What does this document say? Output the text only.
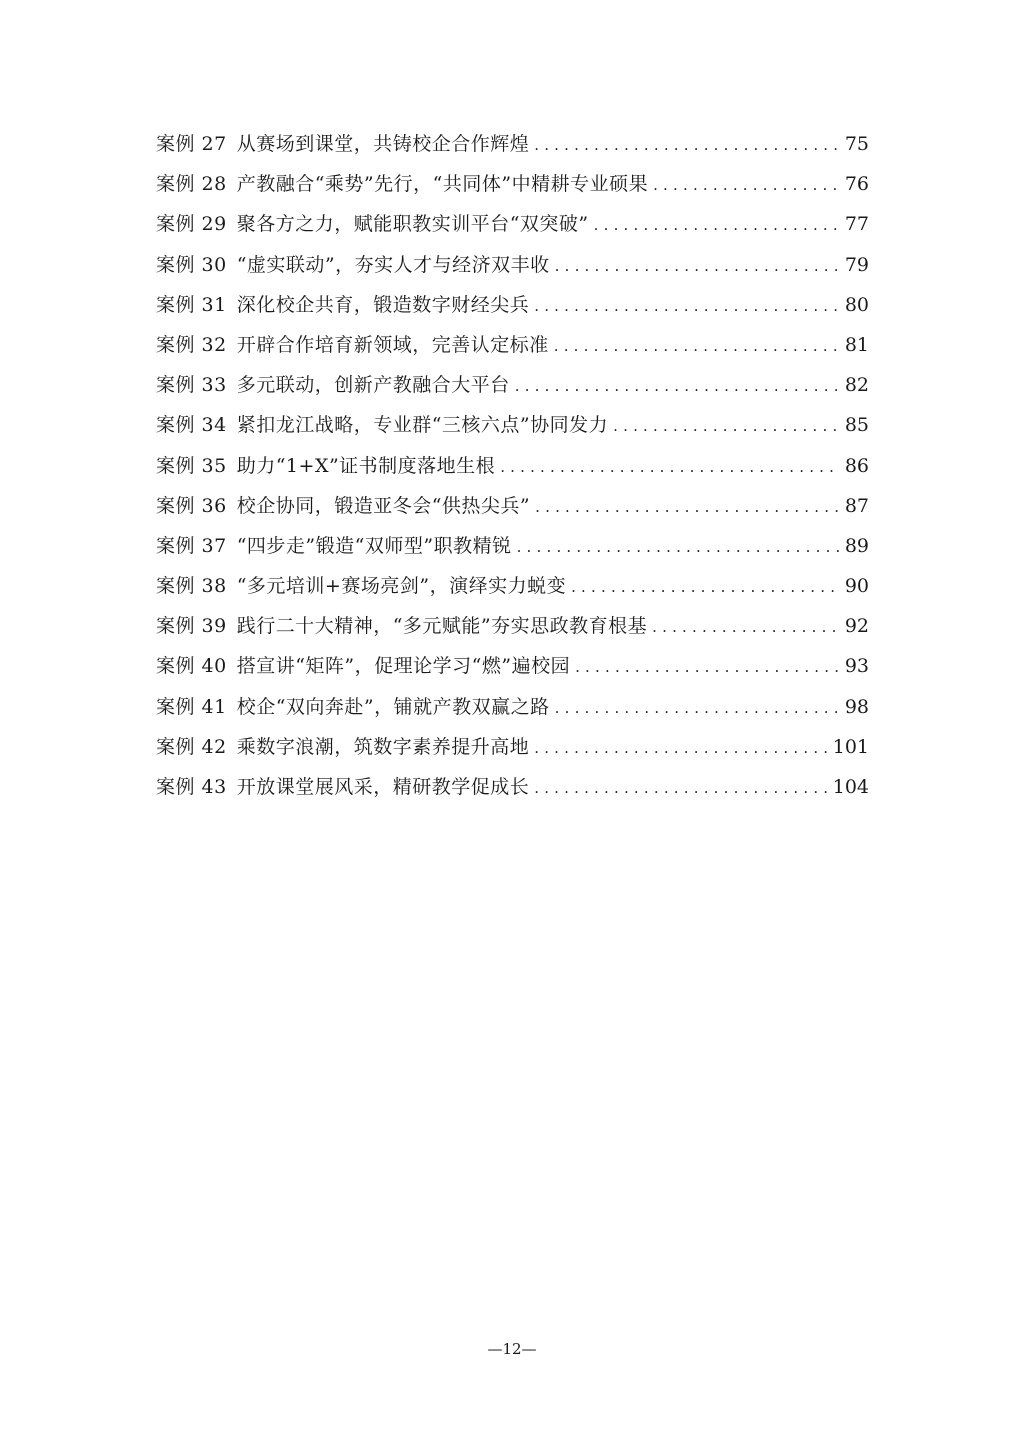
案例 27 从赛场到课堂，共铸校企合作辉煌 .....	75
案例 28 产教融合“乘势”先行，“共同体”中精耕专业硕果 .....	76
案例 29 聚各方之力，赋能职教实训平台“双突破” .....	77
案例 30 “虚实联动”，夯实人才与经济双丰收 .....	79
案例 31 深化校企共育，锻造数字财经尖兵 .....	80
案例 32 开辟合作培育新领域，完善认定标准 .....	81
案例 33 多元联动，创新产教融合大平台 .....	82
案例 34 紧扣龙江战略，专业群“三核六点”协同发力 .....	85
案例 35 助力“1+X”证书制度落地生根 .....	86
案例 36 校企协同，锻造亚冬会“供热尖兵” .....	87
案例 37 “四步走”锻造“双师型”职教精锐 .....	89
案例 38 “多元培训+赛场亮剑”，演绎实力蜕变 .....	90
案例 39 践行二十大精神，“多元赋能”夯实思政教育根基 .....	92
案例 40 搭宣讲“矩阵”，促理论学习“燃”遍校园 .....	93
案例 41 校企“双向奔赴”，铺就产教双赢之路 .....	98
案例 42 乘数字浪潮，筑数字素养提升高地 .....	101
案例 43 开放课堂展风采，精研教学促成长 .....	104
—12—
